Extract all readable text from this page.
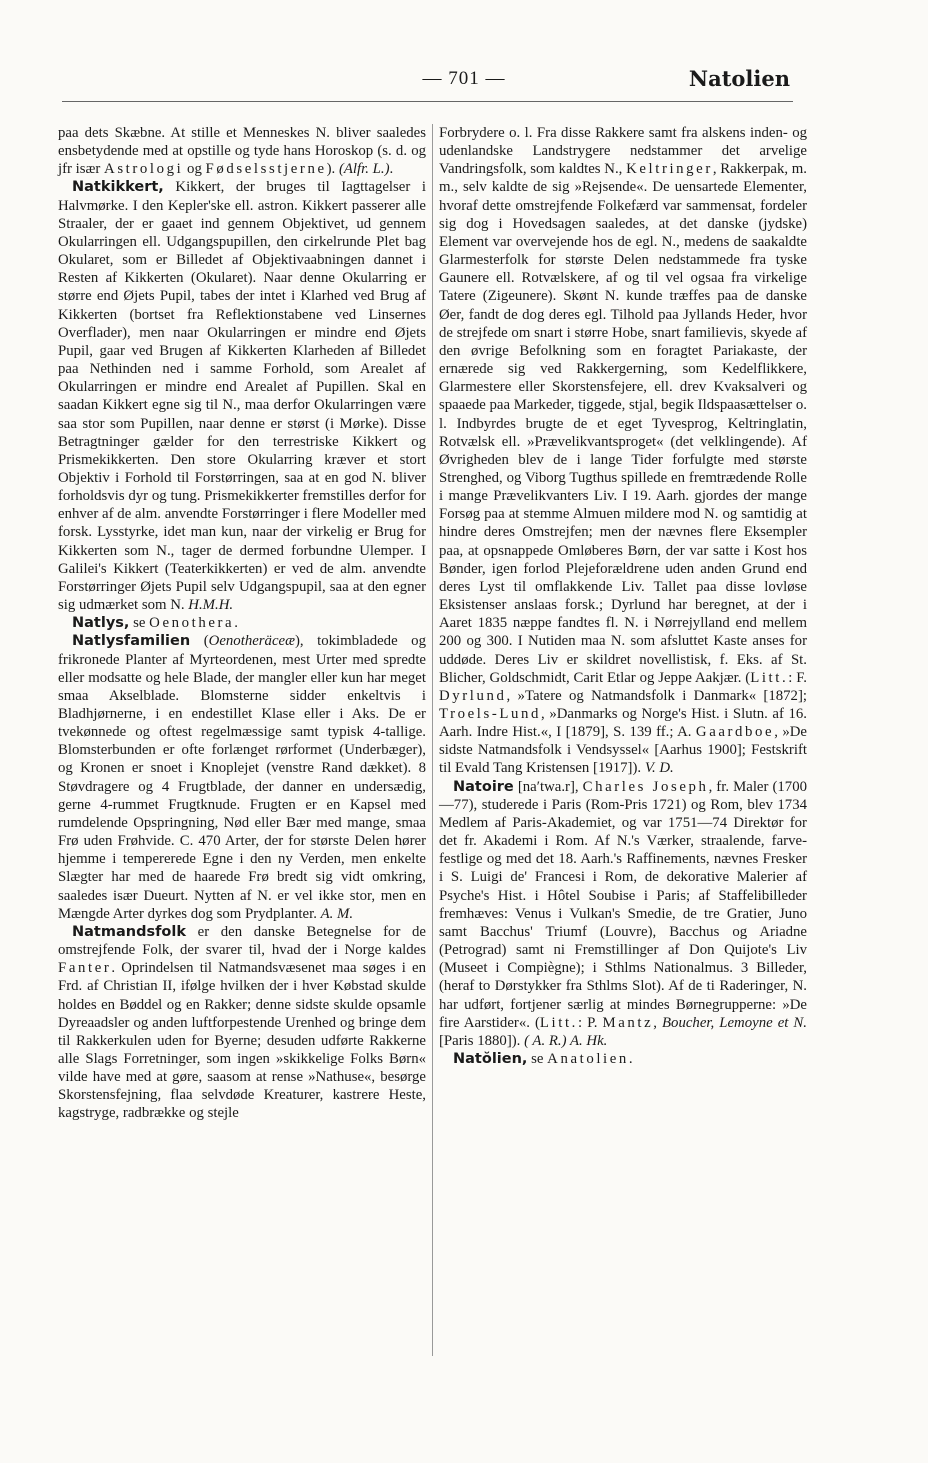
— 701 —	Natolien

paa dets Skæbne. At stille et Menneskes N. bliver saaledes ensbetydende med at opstille og tyde hans Horoskop (s. d. og jfr især Astrologi og Fødselsstjerne). (Alfr. L.).

Natkikkert, Kikkert, der bruges til Iagttagelser i Halvmørke. I den Kepler'ske ell. astron. Kikkert passerer alle Straaler, der er gaaet ind gennem Objektivet, ud gennem Okularringen ell. Udgangspupillen, den cirkelrunde Plet bag Okularet, som er Billedet af Objektivaabningen dannet i Resten af Kikkerten (Okularet). Naar denne Okularring er større end Øjets Pupil, tabes der intet i Klarhed ved Brug af Kikkerten (bortset fra Reflektionstabene ved Linsernes Overflader), men naar Okularringen er mindre end Øjets Pupil, gaar ved Brugen af Kikkerten Klarheden af Billedet paa Nethinden ned i samme Forhold, som Arealet af Okularringen er mindre end Arealet af Pupillen. Skal en saadan Kikkert egne sig til N., maa derfor Okularringen være saa stor som Pupillen, naar denne er størst (i Mørke). Disse Betragtninger gælder for den terrestriske Kikkert og Prismekikkerten. Den store Okularring kræver et stort Objektiv i Forhold til Forstørringen, saa at en god N. bliver forholdsvis dyr og tung. Prismekikkerter fremstilles derfor for enhver af de alm. anvendte Forstørringer i flere Modeller med forsk. Lysstyrke, idet man kun, naar der virkelig er Brug for Kikkerten som N., tager de dermed forbundne Ulemper. I Galilei's Kikkert (Teaterkikkerten) er ved de alm. anvendte Forstørringer Øjets Pupil selv Udgangspupil, saa at den egner sig udmærket som N. H.M.H.

Natlys, se Oenothera.

Natlysfamilien (Oenotheräceæ), tokimbladede og frikronede Planter af Myrteordenen, mest Urter med spredte eller modsatte og hele Blade, der mangler eller kun har meget smaa Akselblade. Blomsterne sidder enkeltvis i Bladhjørnerne, i en endestillet Klase eller i Aks. De er tvekønnede og oftest regelmæssige samt typisk 4-tallige. Blomsterbunden er ofte forlænget rørformet (Underbæger), og Kronen er snoet i Knoplejet (venstre Rand dækket). 8 Støvdragere og 4 Frugtblade, der danner en undersædig, gerne 4-rummet Frugtknude. Frugten er en Kapsel med rumdelende Opspringning, Nød eller Bær med mange, smaa Frø uden Frøhvide. C. 470 Arter, der for største Delen hører hjemme i tempererede Egne i den ny Verden, men enkelte Slægter har med de haarede Frø bredt sig vidt omkring, saaledes især Dueurt. Nytten af N. er vel ikke stor, men en Mængde Arter dyrkes dog som Prydplanter. A. M.

Natmandsfolk er den danske Betegnelse for de omstrejfende Folk, der svarer til, hvad der i Norge kaldes Fanter. Oprindelsen til Natmandsvæsenet maa søges i en Frd. af Christian II, ifølge hvilken der i hver Købstad skulde holdes en Bøddel og en Rakker; denne sidste skulde opsamle Dyreaadsler og anden luftforpestende Urenhed og bringe dem til Rakkerkulen uden for Byerne; desuden udførte Rakkerne alle Slags Forretninger, som ingen »skikkelige Folks Børn« vilde have med at gøre, saasom at rense »Nathuse«, besørge Skorstensfejning, flaa selvdøde Kreaturer, kastrere Heste, kagstryge, radbrække og stejle

Forbrydere o. l. Fra disse Rakkere samt fra alskens inden- og udenlandske Landstrygere nedstammer det arvelige Vandringsfolk, som kaldtes N., Keltringer, Rakkerpak, m. m., selv kaldte de sig »Rejsende«. De uensartede Elementer, hvoraf dette omstrejfende Folkefærd var sammensat, fordeler sig dog i Hovedsagen saaledes, at det danske (jydske) Element var overvejende hos de egl. N., medens de saakaldte Glarmesterfolk for største Delen nedstammede fra tyske Gaunere ell. Rotvælskere, af og til vel ogsaa fra virkelige Tatere (Zigeunere). Skønt N. kunde træffes paa de danske Øer, fandt de dog deres egl. Tilhold paa Jyllands Heder, hvor de strejfede om snart i større Hobe, snart familievis, skyede af den øvrige Befolkning som en foragtet Pariakaste, der ernærede sig ved Rakkergerning, som Kedelflikkere, Glarmestere eller Skorstensfejere, ell. drev Kvaksalveri og spaaede paa Markeder, tiggede, stjal, begik Ildspaasættelser o. l. Indbyrdes brugte de et eget Tyvesprog, Keltringlatin, Rotvælsk ell. »Prævelikvantsproget« (det velklingende). Af Øvrigheden blev de i lange Tider forfulgte med største Strenghed, og Viborg Tugthus spillede en fremtrædende Rolle i mange Prævelikvanters Liv. I 19. Aarh. gjordes der mange Forsøg paa at stemme Almuen mildere mod N. og samtidig at hindre deres Omstrejfen; men der nævnes flere Eksempler paa, at opsnappede Omløberes Børn, der var satte i Kost hos Bønder, igen forlod Plejeforældrene uden anden Grund end deres Lyst til omflakkende Liv. Tallet paa disse lovløse Eksistenser anslaas forsk.; Dyrlund har beregnet, at der i Aaret 1835 næppe fandtes fl. N. i Nørrejylland end mellem 200 og 300. I Nutiden maa N. som afsluttet Kaste anses for uddøde. Deres Liv er skildret novellistisk, f. Eks. af St. Blicher, Goldschmidt, Carit Etlar og Jeppe Aakjær. (Litt.: F. Dyrlund, »Tatere og Natmandsfolk i Danmark« [1872]; Troels-Lund, »Danmarks og Norge's Hist. i Slutn. af 16. Aarh. Indre Hist.«, I [1879], S. 139 ff.; A. Gaardboe, »De sidste Natmandsfolk i Vendsyssel« [Aarhus 1900]; Festskrift til Evald Tang Kristensen [1917]). V. D.

Natoire [naʹtwa.r], Charles Joseph, fr. Maler (1700—77), studerede i Paris (Rom-Pris 1721) og Rom, blev 1734 Medlem af Paris-Akademiet, og var 1751—74 Direktør for det fr. Akademi i Rom. Af N.'s Værker, straalende, farve-festlige og med det 18. Aarh.'s Raffinements, nævnes Fresker i S. Luigi de' Francesi i Rom, de dekorative Malerier af Psyche's Hist. i Hôtel Soubise i Paris; af Staffelibilleder fremhæves: Venus i Vulkan's Smedie, de tre Gratier, Juno samt Bacchus' Triumf (Louvre), Bacchus og Ariadne (Petrograd) samt ni Fremstillinger af Don Quijote's Liv (Museet i Compiègne); i Sthlms Nationalmus. 3 Billeder, (heraf to Dørstykker fra Sthlms Slot). Af de ti Raderinger, N. har udført, fortjener særlig at mindes Børnegrupperne: »De fire Aarstider«. (Litt.: P. Mantz, Boucher, Lemoyne et N. [Paris 1880]). ( A. R.) A. Hk.

Natŏlien, se Anatolien.
